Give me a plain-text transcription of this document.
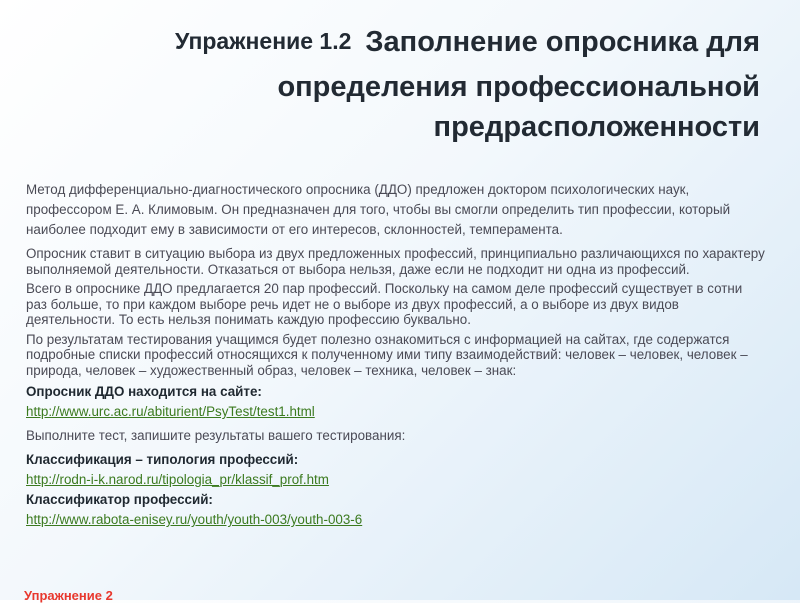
Упражнение 1.2 Заполнение опросника для
определения профессиональной
предрасположенности

Метод дифференциально-диагностического опросника (ДДО) предложен доктором психологических наук, профессором Е. А. Климовым. Он предназначен для того, чтобы вы смогли определить тип профессии, который наиболее подходит ему в зависимости от его интересов, склонностей, темперамента.

Опросник ставит в ситуацию выбора из двух предложенных профессий, принципиально различающихся по характеру выполняемой деятельности. Отказаться от выбора нельзя, даже если не подходит ни одна из профессий.

Всего в опроснике ДДО предлагается 20 пар профессий. Поскольку на самом деле профессий существует в сотни раз больше, то при каждом выборе речь идет не о выборе из двух профессий, а о выборе из двух видов деятельности. То есть нельзя понимать каждую профессию буквально.

По результатам тестирования учащимся будет полезно ознакомиться с информацией на сайтах, где содержатся подробные списки профессий относящихся к полученному ими типу взаимодействий: человек – человек, человек – природа, человек – художественный образ, человек – техника, человек – знак:

Опросник ДДО находится на сайте:

http://www.urc.ac.ru/abiturient/PsyTest/test1.html

Выполните тест, запишите результаты вашего тестирования:

Классификация – типология профессий:

http://rodn-i-k.narod.ru/tipologia_pr/klassif_prof.htm

Классификатор профессий:

http://www.rabota-enisey.ru/youth/youth-003/youth-003-6

Упражнение 2
